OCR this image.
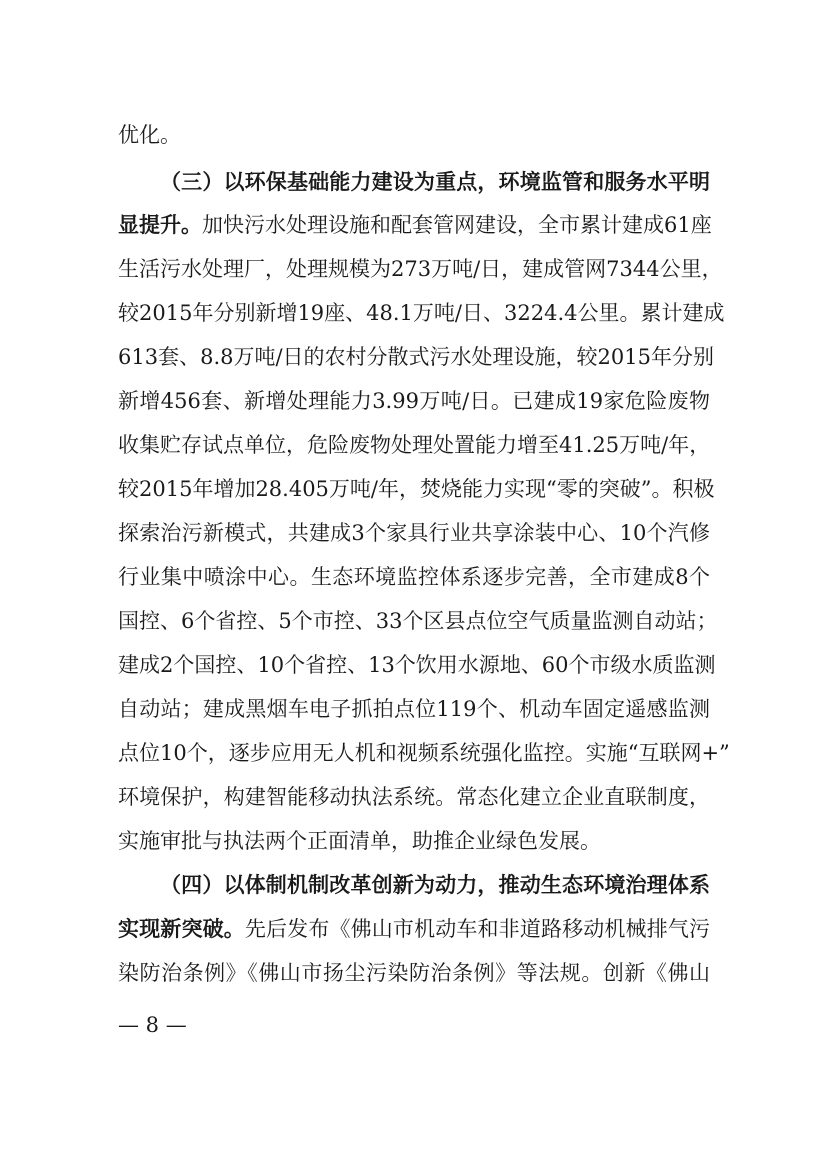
优化。
（三）以环保基础能力建设为重点，环境监管和服务水平明
显提升。加快污水处理设施和配套管网建设，全市累计建成61座
生活污水处理厂，处理规模为273万吨/日，建成管网7344公里，
较2015年分别新增19座、48.1万吨/日、3224.4公里。累计建成
613套、8.8万吨/日的农村分散式污水处理设施，较2015年分别
新增456套、新增处理能力3.99万吨/日。已建成19家危险废物
收集贮存试点单位，危险废物处理处置能力增至41.25万吨/年，
较2015年增加28.405万吨/年，焚烧能力实现“零的突破”。积极
探索治污新模式，共建成3个家具行业共享涂装中心、10个汽修
行业集中喷涂中心。生态环境监控体系逐步完善，全市建成8个
国控、6个省控、5个市控、33个区县点位空气质量监测自动站；
建成2个国控、10个省控、13个饮用水源地、60个市级水质监测
自动站；建成黑烟车电子抓拍点位119个、机动车固定遥感监测
点位10个，逐步应用无人机和视频系统强化监控。实施“互联网+”
环境保护，构建智能移动执法系统。常态化建立企业直联制度，
实施审批与执法两个正面清单，助推企业绿色发展。
（四）以体制机制改革创新为动力，推动生态环境治理体系
实现新突破。先后发布《佛山市机动车和非道路移动机械排气污
染防治条例》《佛山市扬尘污染防治条例》等法规。创新《佛山
— 8 —
